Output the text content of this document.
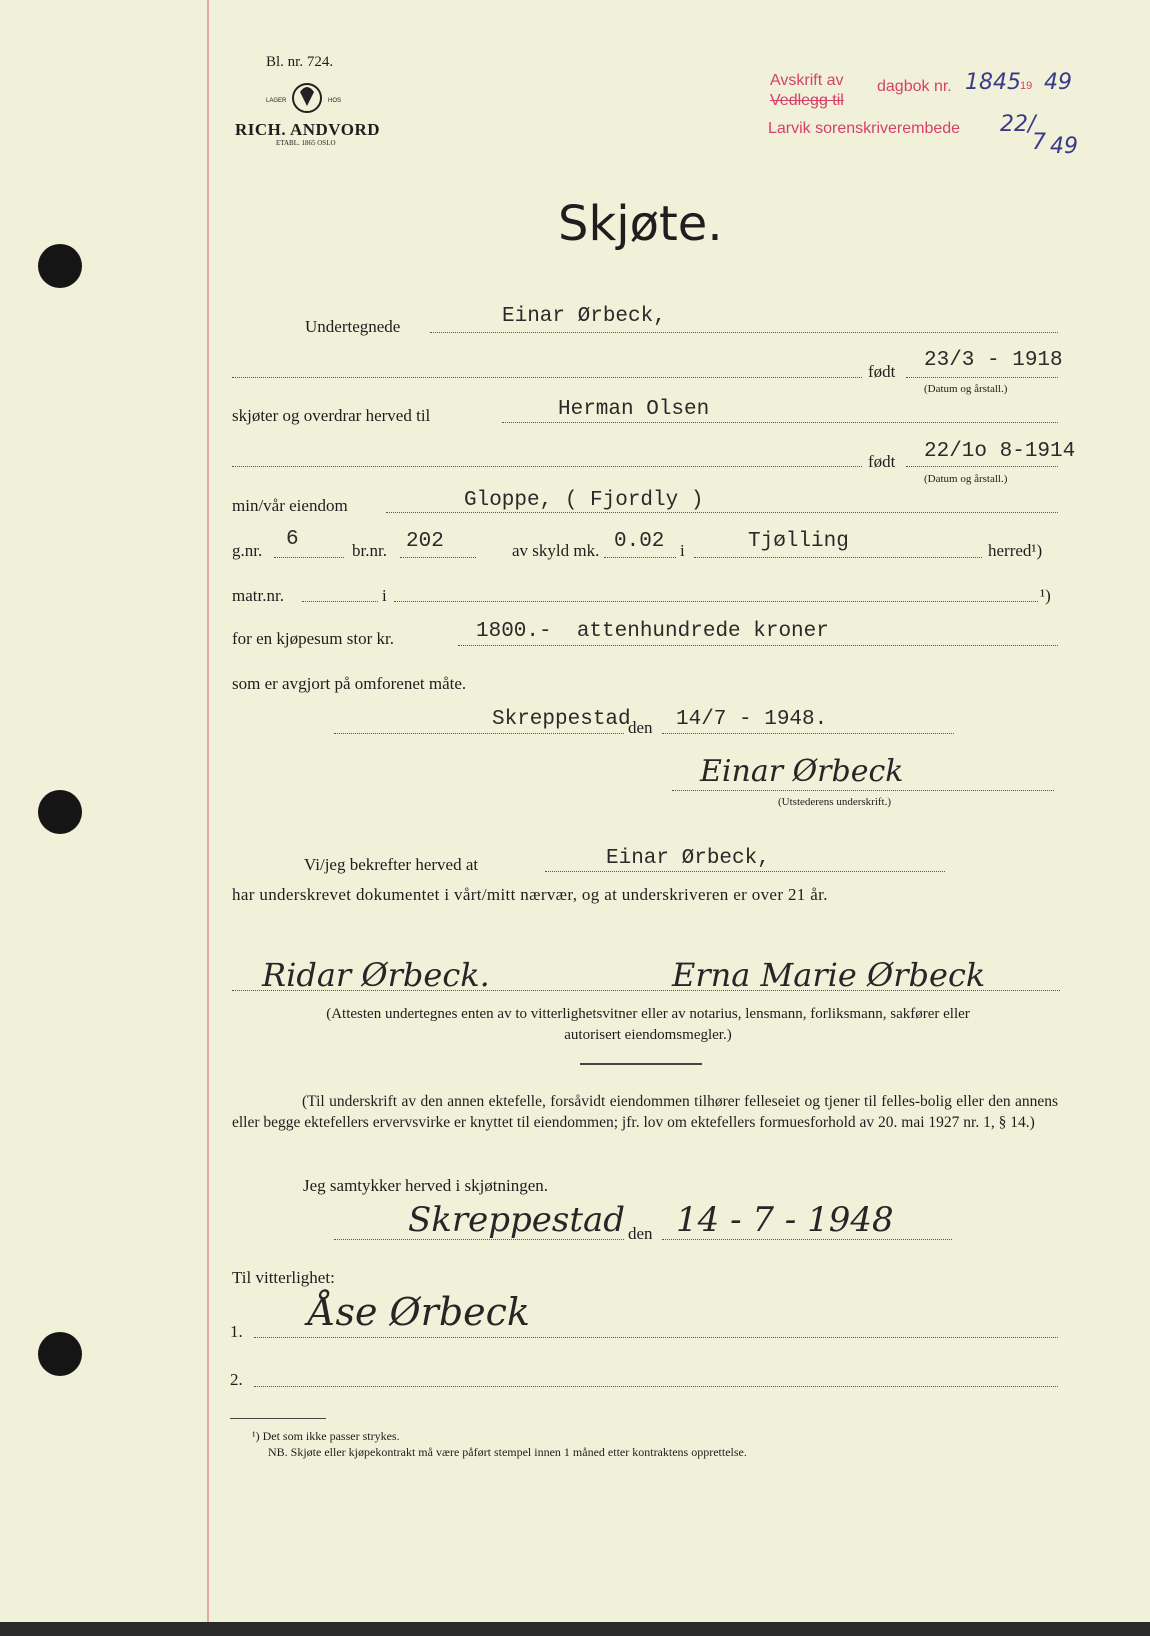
Bl. nr. 724.
LAGER	HOS
RICH. ANDVORD
ETABL. 1865 OSLO
Avskrift av dagbok nr. 1845 19 49
Vedlegg til
Larvik sorenskriverembede 22/
7 49
Skjøte.
Undertegnede	Einar Ørbeck,
født 23/3 - 1918
(Datum og årstall.)
skjøter og overdrar herved til	Herman Olsen
født 22/1o 8-1914
(Datum og årstall.)
min/vår eiendom	Gloppe, ( Fjordly )
g.nr. 6	br.nr. 202	av skyld mk. 0.02 i	Tjølling	herred¹)
matr.nr.	i	¹)
for en kjøpesum stor kr.	1800.-  attenhundrede kroner
som er avgjort på omforenet måte.
Skreppestad
den 14/7 - 1948.
Einar Ørbeck
(Utstederens underskrift.)
Vi/jeg bekrefter herved at	Einar Ørbeck,
har underskrevet dokumentet i vårt/mitt nærvær, og at underskriveren er over 21 år.
Ridar Ørbeck.	Erna Marie Ørbeck
(Attesten undertegnes enten av to vitterlighetsvitner eller av notarius, lensmann, forliksmann, sakfører eller
autorisert eiendomsmegler.)
(Til underskrift av den annen ektefelle, forsåvidt eiendommen tilhører felleseiet og tjener til felles-bolig eller den annens eller begge ektefellers ervervsvirke er knyttet til eiendommen; jfr. lov om ektefellers formuesforhold av 20. mai 1927 nr. 1, § 14.)
Jeg samtykker herved i skjøtningen.
Skreppestad den 14 - 7 - 1948
Til vitterlighet:
1. Åse Ørbeck
2.
¹) Det som ikke passer strykes.
NB. Skjøte eller kjøpekontrakt må være påført stempel innen 1 måned etter kontraktens opprettelse.
